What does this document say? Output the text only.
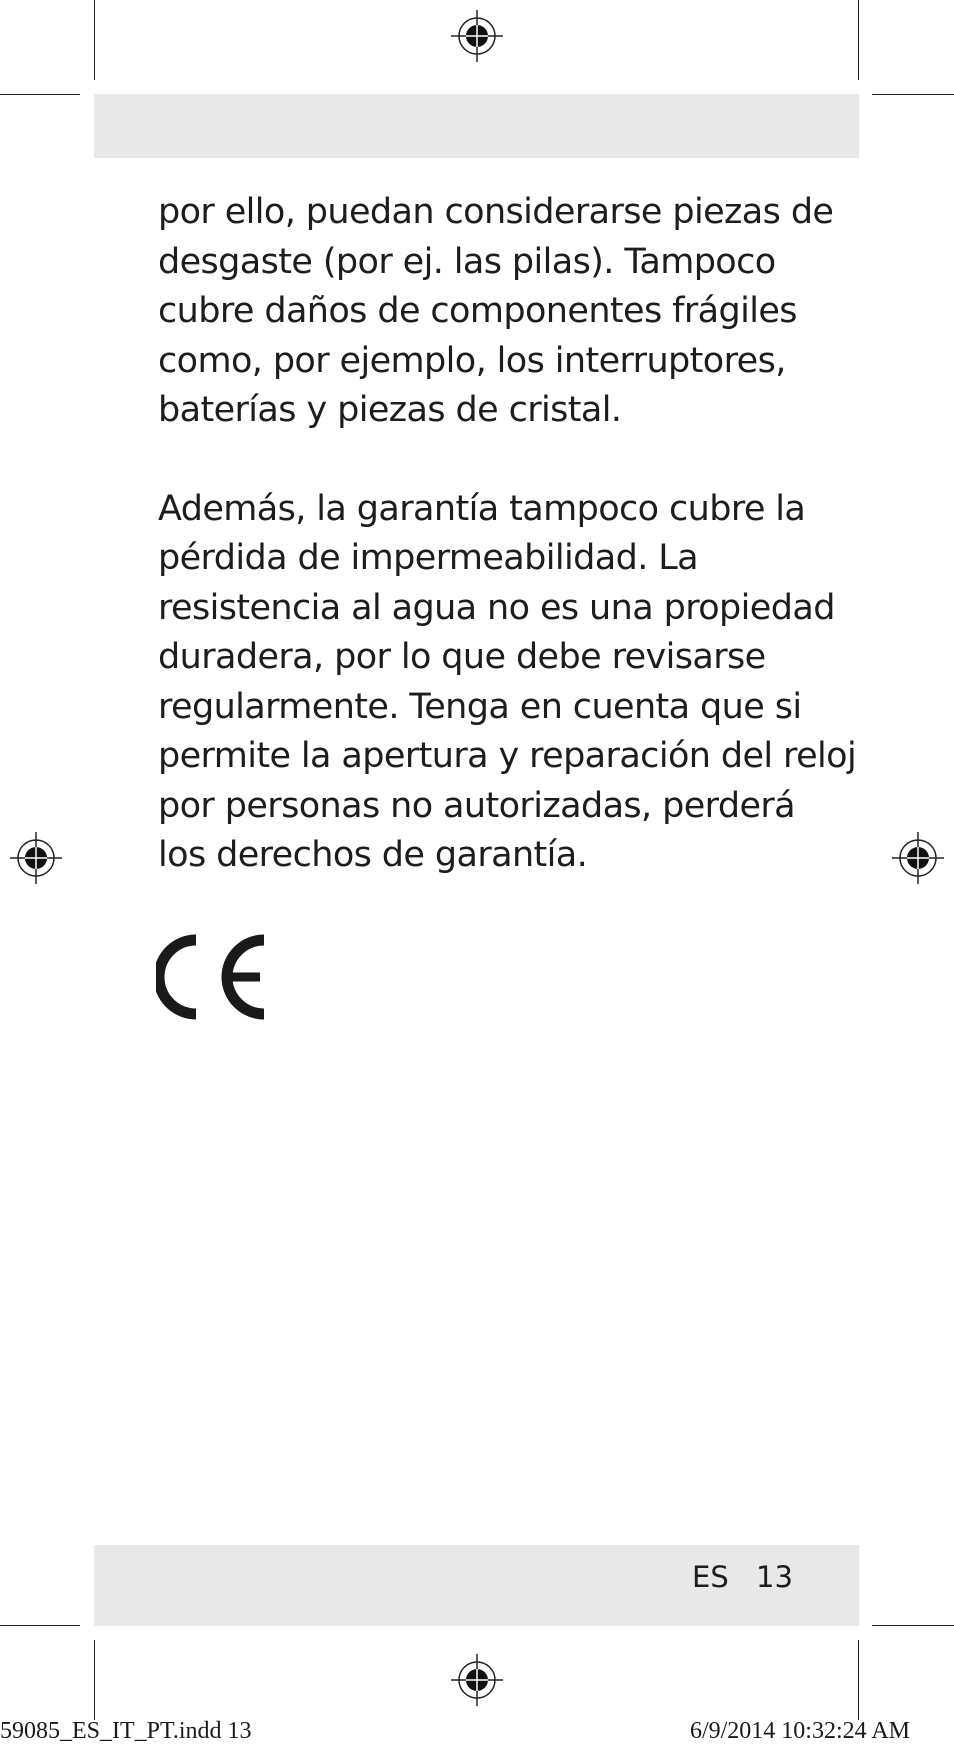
por ello, puedan considerarse piezas de
desgaste (por ej. las pilas). Tampoco
cubre daños de componentes frágiles
como, por ejemplo, los interruptores,
baterías y piezas de cristal.

Además, la garantía tampoco cubre la
pérdida de impermeabilidad. La
resistencia al agua no es una propiedad
duradera, por lo que debe revisarse
regularmente. Tenga en cuenta que si
permite la apertura y reparación del reloj
por personas no autorizadas, perderá
los derechos de garantía.

ES 13
59085_ES_IT_PT.indd 13	6/9/2014 10:32:24 AM
